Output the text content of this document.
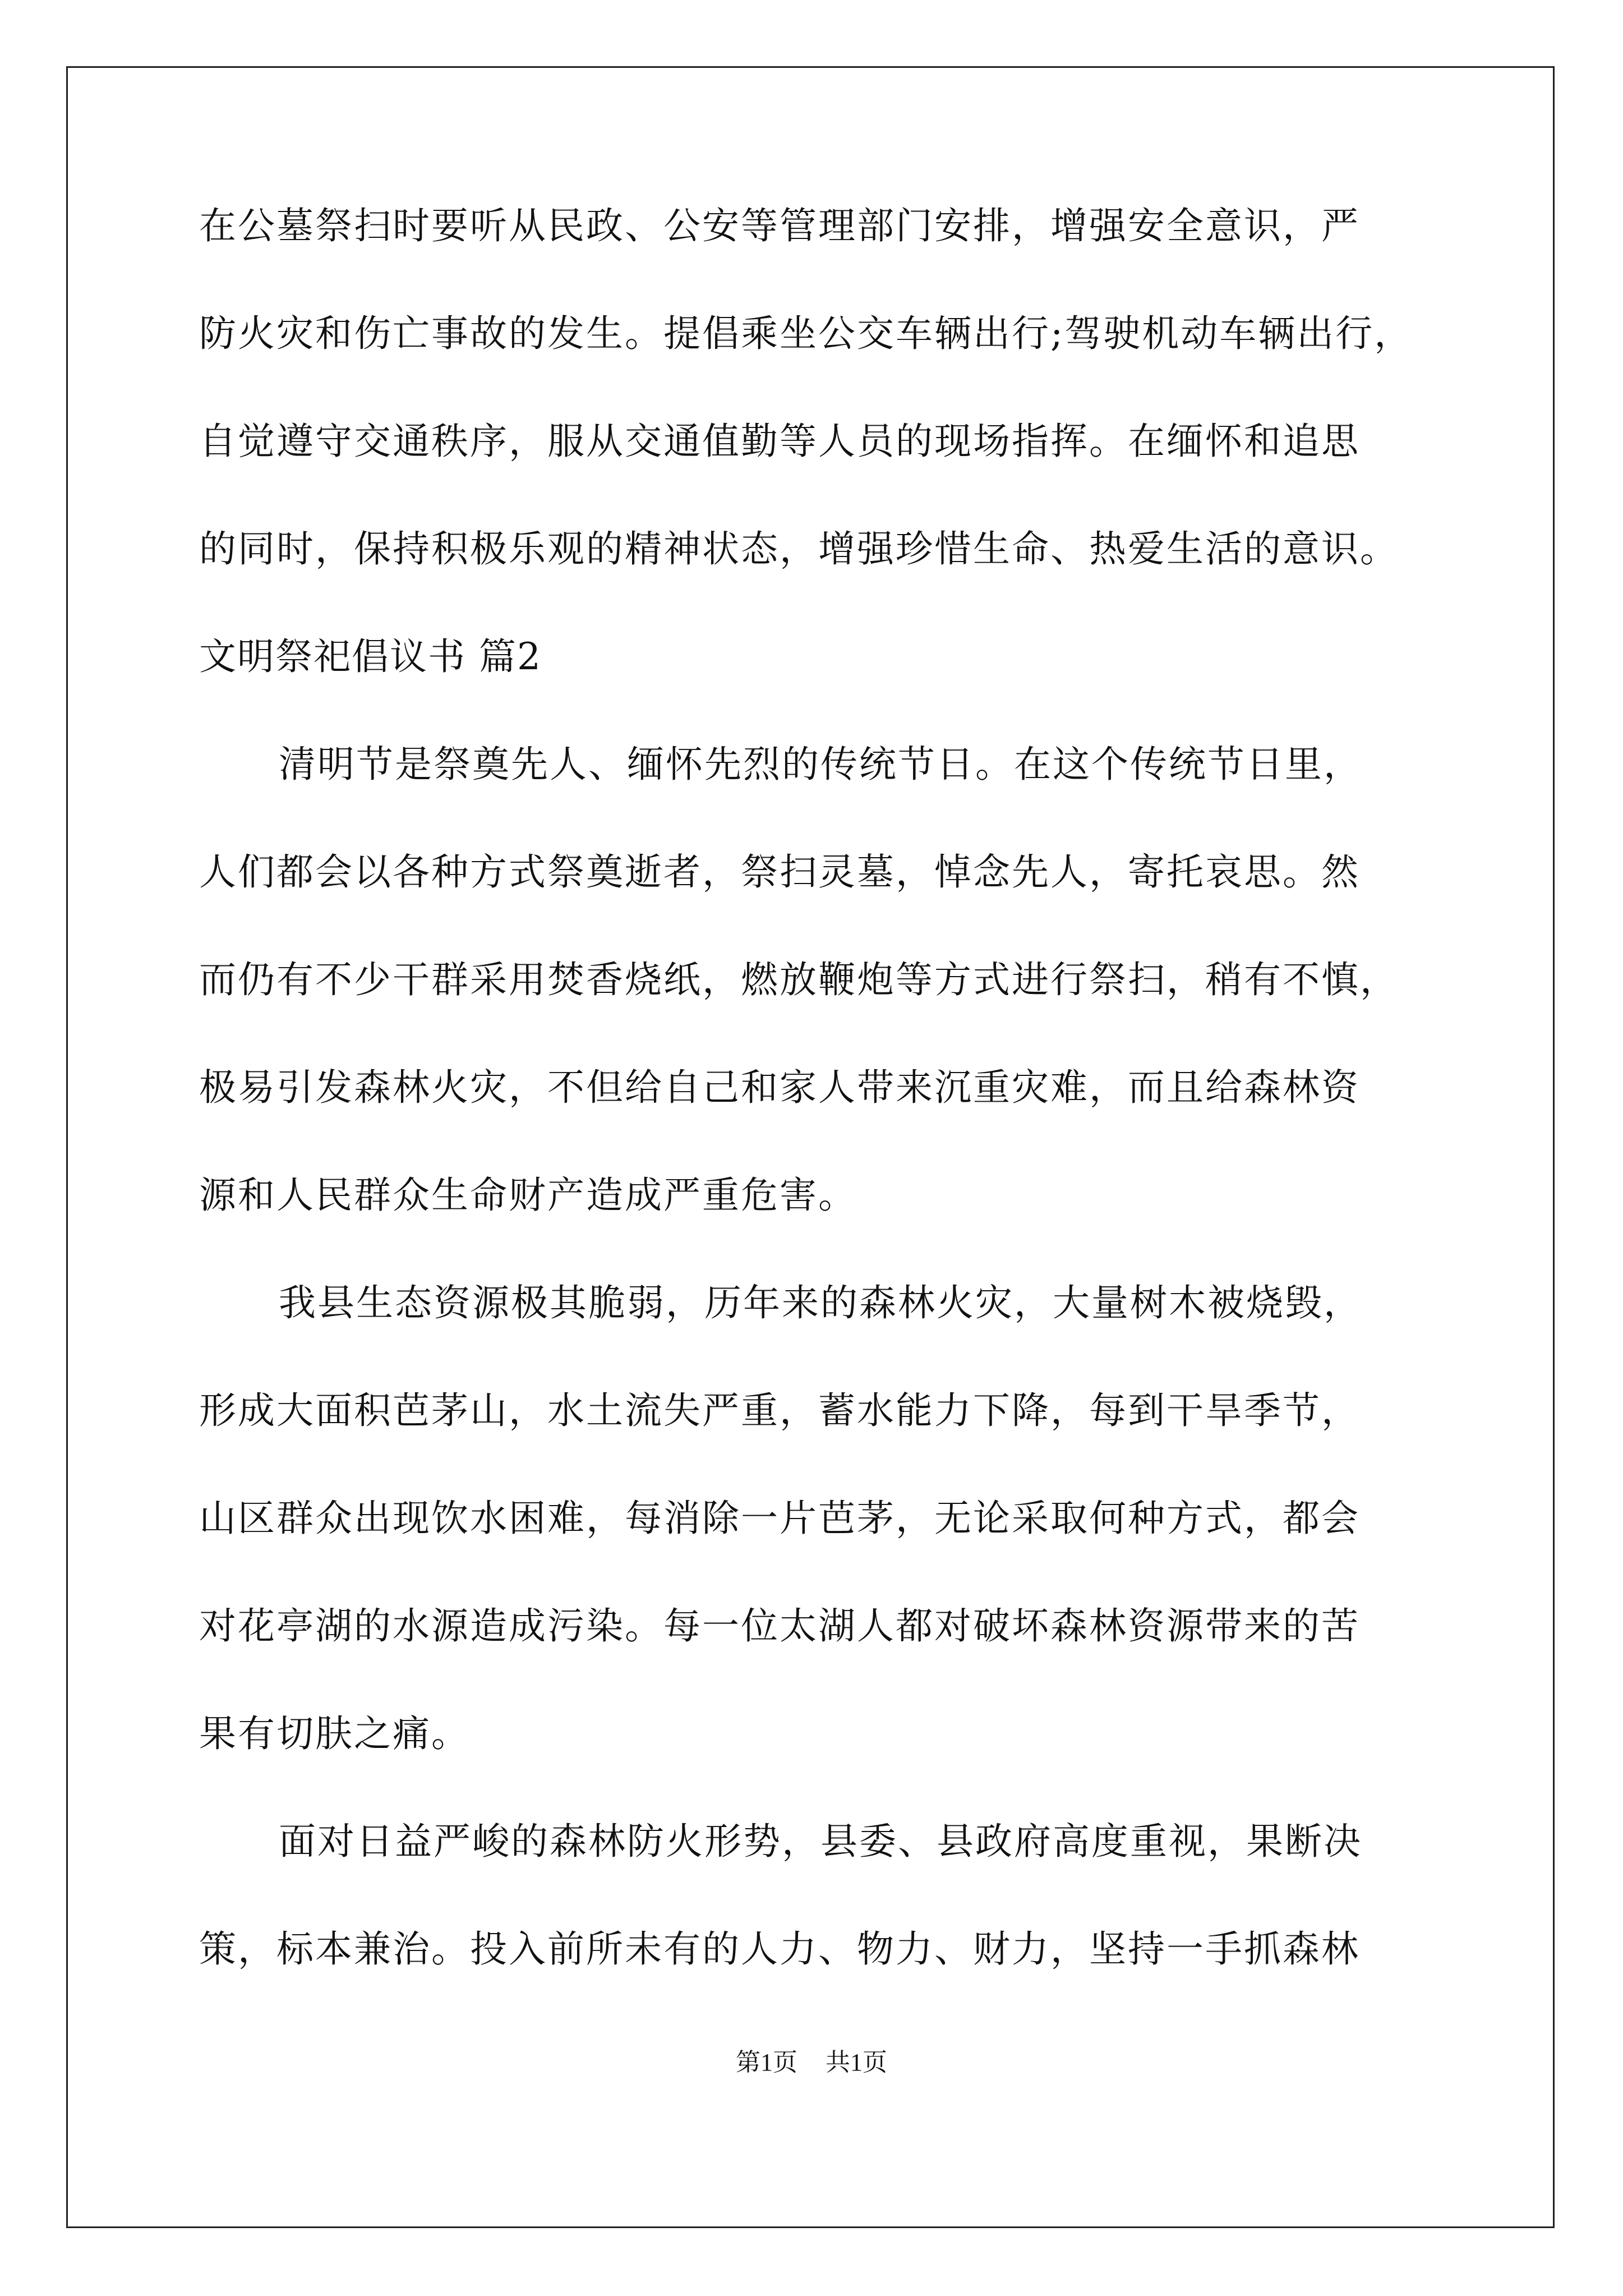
在公墓祭扫时要听从民政、公安等管理部门安排，增强安全意识，严
防火灾和伤亡事故的发生。提倡乘坐公交车辆出行;驾驶机动车辆出行，
自觉遵守交通秩序，服从交通值勤等人员的现场指挥。在缅怀和追思
的同时，保持积极乐观的精神状态，增强珍惜生命、热爱生活的意识。
文明祭祀倡议书 篇2
清明节是祭奠先人、缅怀先烈的传统节日。在这个传统节日里，
人们都会以各种方式祭奠逝者，祭扫灵墓，悼念先人，寄托哀思。然
而仍有不少干群采用焚香烧纸，燃放鞭炮等方式进行祭扫，稍有不慎，
极易引发森林火灾，不但给自己和家人带来沉重灾难，而且给森林资
源和人民群众生命财产造成严重危害。
我县生态资源极其脆弱，历年来的森林火灾，大量树木被烧毁，
形成大面积芭茅山，水土流失严重，蓄水能力下降，每到干旱季节，
山区群众出现饮水困难，每消除一片芭茅，无论采取何种方式，都会
对花亭湖的水源造成污染。每一位太湖人都对破坏森林资源带来的苦
果有切肤之痛。
面对日益严峻的森林防火形势，县委、县政府高度重视，果断决
策，标本兼治。投入前所未有的人力、物力、财力，坚持一手抓森林
第1页 共1页
